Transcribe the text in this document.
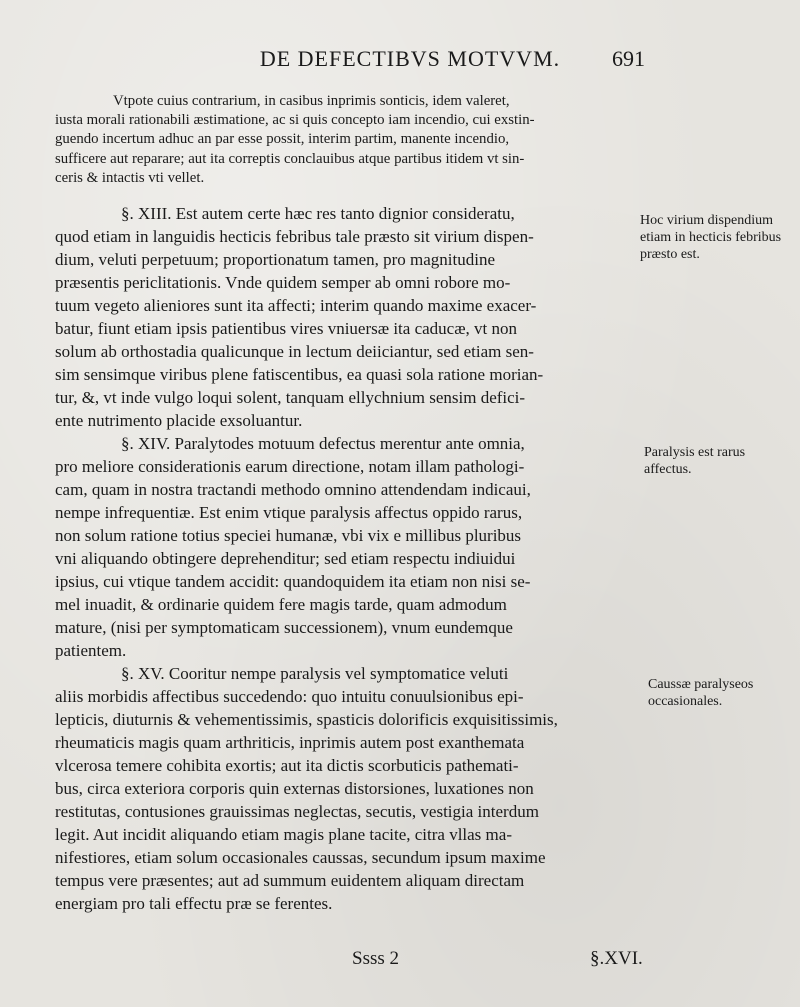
DE DEFECTIBVS MOTVVM.	691

Vtpote cuius contrarium, in casibus inprimis sonticis, idem valeret,

iusta morali rationabili æstimatione, ac si quis concepto iam incendio, cui exstin-
guendo incertum adhuc an par esse possit, interim partim, manente incendio,
sufficere aut reparare; aut ita correptis conclauibus atque partibus itidem vt sin-
ceris & intactis vti vellet.

§. XIII. Est autem certe hæc res tanto dignior consideratu,
quod etiam in languidis hecticis febribus tale præsto sit virium dispen-
dium, veluti perpetuum; proportionatum tamen, pro magnitudine
præsentis periclitationis. Vnde quidem semper ab omni robore mo-
tuum vegeto alieniores sunt ita affecti; interim quando maxime exacer-
batur, fiunt etiam ipsis patientibus vires vniuersæ ita caducæ, vt non
solum ab orthostadia qualicunque in lectum deiiciantur, sed etiam sen-
sim sensimque viribus plene fatiscentibus, ea quasi sola ratione morian-
tur, &, vt inde vulgo loqui solent, tanquam ellychnium sensim defici-
ente nutrimento placide exsoluantur.

§. XIV. Paralytodes motuum defectus merentur ante omnia,
pro meliore considerationis earum directione, notam illam pathologi-
cam, quam in nostra tractandi methodo omnino attendendam indicaui,
nempe infrequentiæ. Est enim vtique paralysis affectus oppido rarus,
non solum ratione totius speciei humanæ, vbi vix e millibus pluribus
vni aliquando obtingere deprehenditur; sed etiam respectu indiuidui
ipsius, cui vtique tandem accidit: quandoquidem ita etiam non nisi se-
mel inuadit, & ordinarie quidem fere magis tarde, quam admodum
mature, (nisi per symptomaticam successionem), vnum eundemque
patientem.

§. XV. Cooritur nempe paralysis vel symptomatice veluti
aliis morbidis affectibus succedendo: quo intuitu conuulsionibus epi-
lepticis, diuturnis & vehementissimis, spasticis dolorificis exquisitissimis,
rheumaticis magis quam arthriticis, inprimis autem post exanthemata
vlcerosa temere cohibita exortis; aut ita dictis scorbuticis pathemati-
bus, circa exteriora corporis quin externas distorsiones, luxationes non
restitutas, contusiones grauissimas neglectas, secutis, vestigia interdum
legit. Aut incidit aliquando etiam magis plane tacite, citra vllas ma-
nifestiores, etiam solum occasionales caussas, secundum ipsum maxime
tempus vere præsentes; aut ad summum euidentem aliquam directam
energiam pro tali effectu præ se ferentes.

Hoc virium dispendium etiam in hecticis febribus præsto est.
Paralysis est rarus affectus.
Caussæ paralyseos occasionales.
Ssss 2	§.XVI.
